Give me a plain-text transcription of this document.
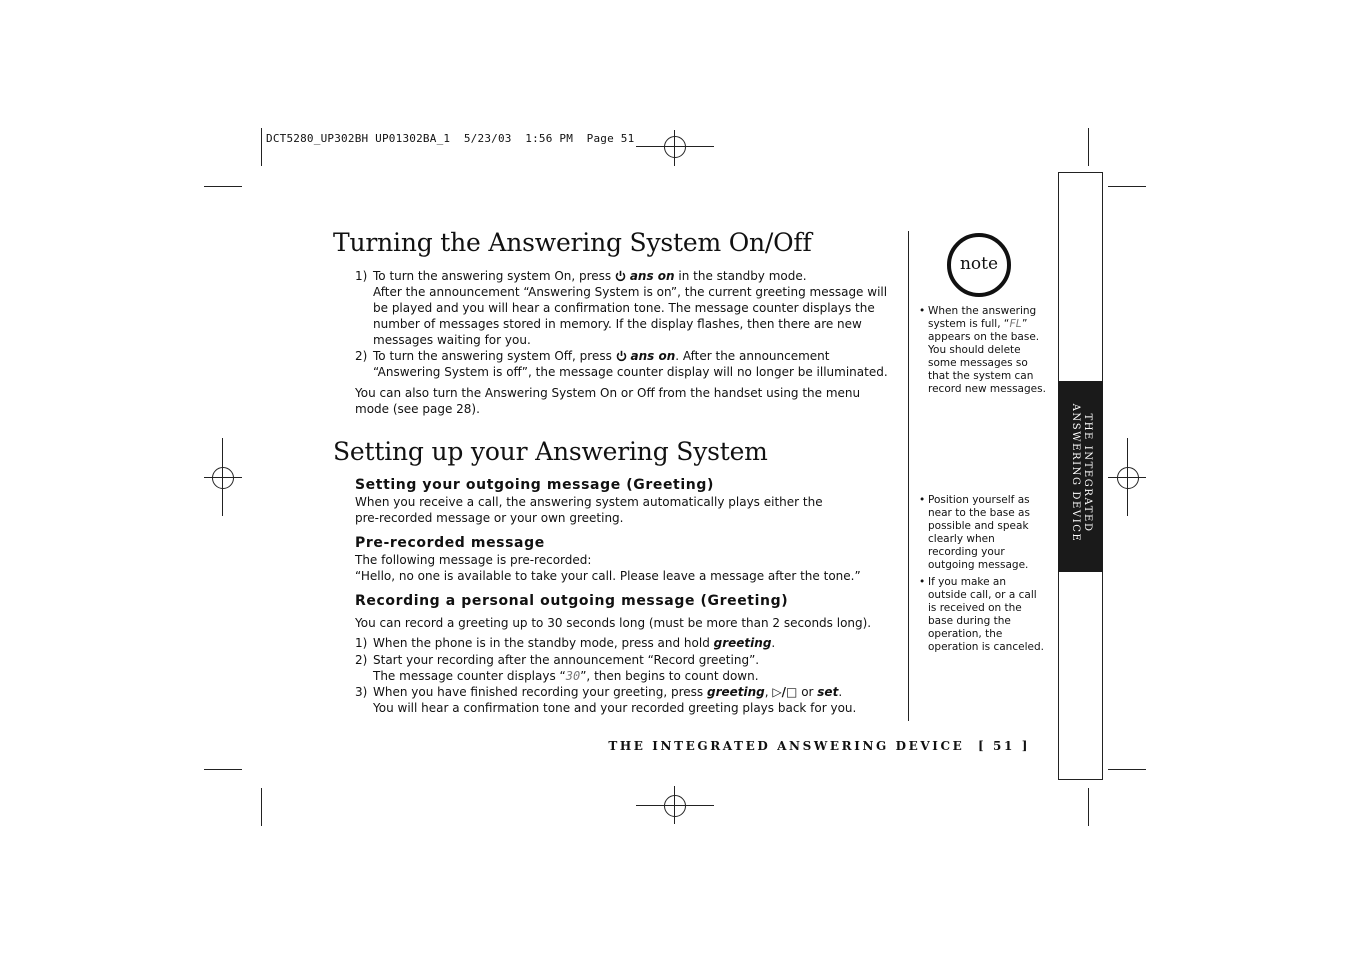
DCT5280_UP302BH UP01302BA_1  5/23/03  1:56 PM  Page 51
THE INTEGRATED
ANSWERING DEVICE
Turning the Answering System On/Off
1) To turn the answering system On, press  ans on in the standby mode.
After the announcement “Answering System is on”, the current greeting message will
be played and you will hear a confirmation tone. The message counter displays the
number of messages stored in memory. If the display flashes, then there are new
messages waiting for you.
2) To turn the answering system Off, press  ans on. After the announcement
“Answering System is off”, the message counter display will no longer be illuminated.
You can also turn the Answering System On or Off from the handset using the menu
mode (see page 28).
Setting up your Answering System
Setting your outgoing message (Greeting)
When you receive a call, the answering system automatically plays either the
pre-recorded message or your own greeting.
Pre-recorded message
The following message is pre-recorded:
“Hello, no one is available to take your call. Please leave a message after the tone.”
Recording a personal outgoing message (Greeting)
You can record a greeting up to 30 seconds long (must be more than 2 seconds long).
1) When the phone is in the standby mode, press and hold greeting.
2) Start your recording after the announcement “Record greeting”.
The message counter displays “30”, then begins to count down.
3) When you have finished recording your greeting, press greeting, ▷/□ or set.
You will hear a confirmation tone and your recorded greeting plays back for you.
note
• When the answering
system is full, “FL”
appears on the base.
You should delete
some messages so
that the system can
record new messages.
• Position yourself as
near to the base as
possible and speak
clearly when
recording your
outgoing message.
• If you make an
outside call, or a call
is received on the
base during the
operation, the
operation is canceled.
THE INTEGRATED ANSWERING DEVICE [ 51 ]
